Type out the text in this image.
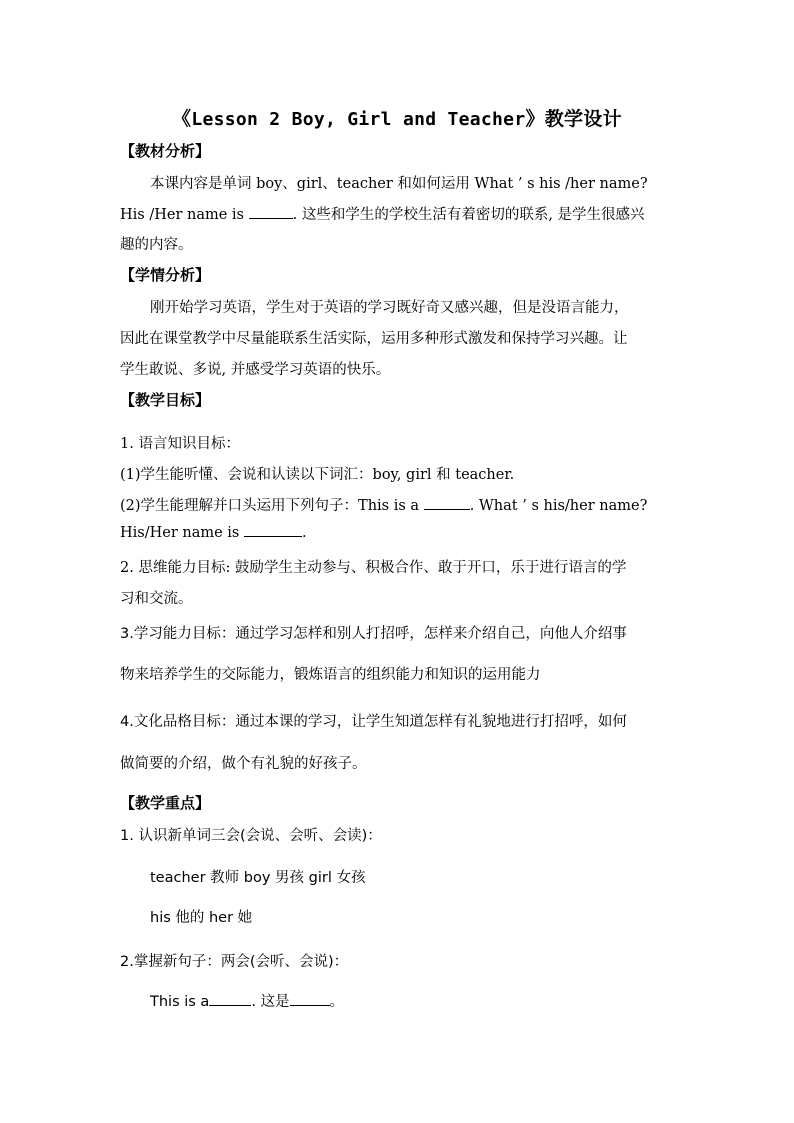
《Lesson 2 Boy, Girl and Teacher》教学设计
【教材分析】
本课内容是单词 boy、girl、teacher 和如何运用 What ’ s his /her name?
His /Her name is	. 这些和学生的学校生活有着密切的联系, 是学生很感兴
趣的内容。
【学情分析】
刚开始学习英语，学生对于英语的学习既好奇又感兴趣，但是没语言能力，
因此在课堂教学中尽量能联系生活实际，运用多种形式激发和保持学习兴趣。让
学生敢说、多说, 并感受学习英语的快乐。
【教学目标】
1. 语言知识目标：
(1)学生能听懂、会说和认读以下词汇：boy, girl 和 teacher.
(2)学生能理解并口头运用下列句子：This is a	. What ’ s his/her name?
His/Her name is	.
2. 思维能力目标: 鼓励学生主动参与、积极合作、敢于开口，乐于进行语言的学
习和交流。
3.学习能力目标：通过学习怎样和别人打招呼，怎样来介绍自己，向他人介绍事
物来培养学生的交际能力，锻炼语言的组织能力和知识的运用能力
4.文化品格目标：通过本课的学习，让学生知道怎样有礼貌地进行打招呼，如何
做简要的介绍，做个有礼貌的好孩子。
【教学重点】
1. 认识新单词三会(会说、会听、会读)：
teacher 教师 boy 男孩 girl 女孩
his 他的 her 她
2.掌握新句子：两会(会听、会说)：
This is a	. 这是	。
